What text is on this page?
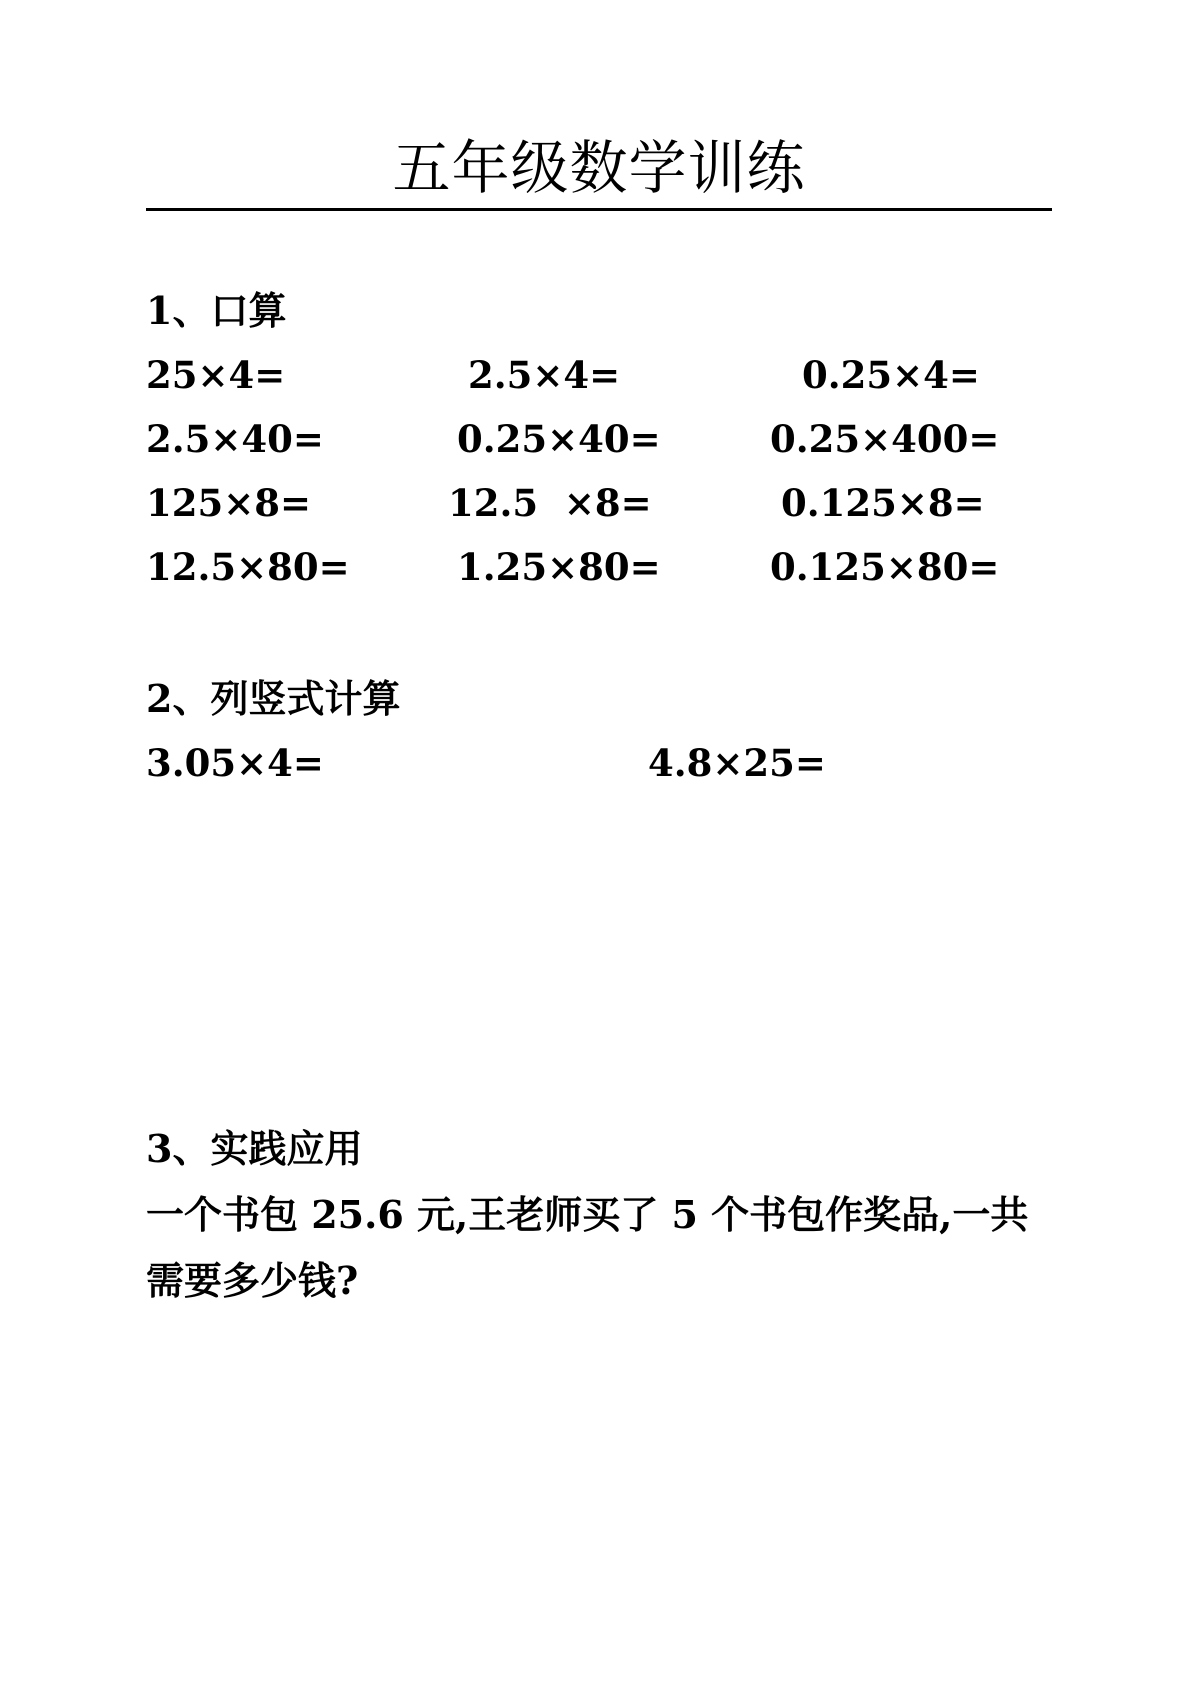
五年级数学训练
1、口算
25×4=	2.5×4=	0.25×4=
2.5×40=	0.25×40=	0.25×400=
125×8=	12.5  ×8=	0.125×8=
12.5×80=	1.25×80=	0.125×80=
2、列竖式计算
3.05×4=	4.8×25=
3、实践应用
一个书包 25.6 元,王老师买了 5 个书包作奖品,一共
需要多少钱?
